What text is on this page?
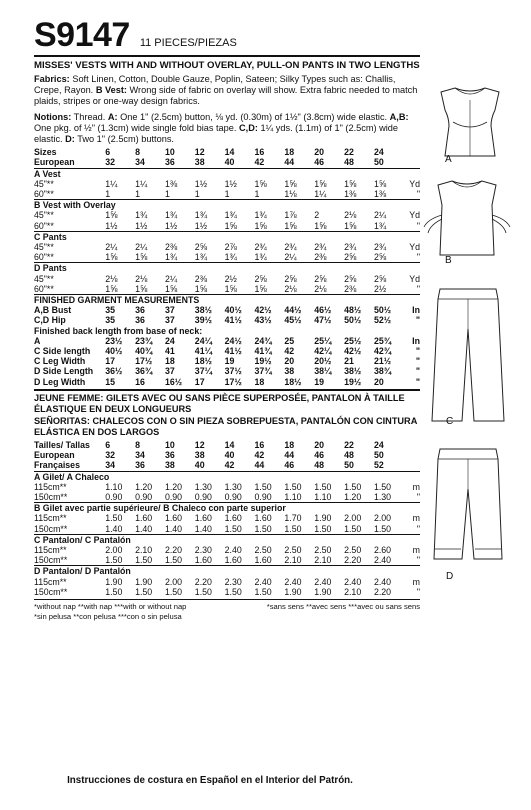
S9147 11 PIECES/PIEZAS
MISSES' VESTS WITH AND WITHOUT OVERLAY, PULL-ON PANTS IN TWO LENGTHS
Fabrics: Soft Linen, Cotton, Double Gauze, Poplin, Sateen; Silky Types such as: Challis, Crepe, Rayon. B Vest: Wrong side of fabric on overlay will show. Extra fabric needed to match plaids, stripes or one-way design fabrics.
Notions: Thread. A: One 1" (2.5cm) button, ⅛ yd. (0.30m) of 1½" (3.8cm) wide elastic. A,B: One pkg. of ½" (1.3cm) wide single fold bias tape. C,D: 1¼ yds. (1.1m) of 1" (2.5cm) wide elastic. D: Two 1" (2.5cm) buttons.
Sizes	6	8	10	12	14	16	18	20	22	24	
European	32	34	36	38	40	42	44	46	48	50	
A Vest											
45"**	1¼	1¼	1⅜	1½	1½	1⅝	1⅝	1⅝	1⅝	1⅝	Yd
60"**	1	1	1	1	1	1	1⅛	1¼	1⅜	1⅜	"
B Vest with Overlay											
45"**	1⅝	1¾	1¾	1¾	1¾	1¾	1⅞	2	2⅛	2¼	Yd
60"**	1½	1½	1½	1½	1⅝	1⅝	1⅝	1⅝	1⅝	1¾	"
C Pants											
45"**	2¼	2¼	2⅜	2⅝	2⅞	2¾	2¾	2¾	2¾	2¾	Yd
60"**	1⅝	1⅝	1¾	1¾	1¾	1¾	2¼	2⅜	2⅝	2⅝	"
D Pants											
45"**	2⅛	2⅛	2¼	2⅜	2½	2⅝	2⅝	2⅝	2⅝	2⅝	Yd
60"**	1⅝	1⅝	1⅝	1⅝	1⅝	1⅝	2⅛	2⅛	2⅜	2½	"
FINISHED GARMENT MEASUREMENTS											
A,B Bust	35	36	37	38½	40½	42½	44½	46½	48½	50½	In
C,D Hip	35	36	37	39½	41½	43½	45½	47½	50½	52½	"
Finished back length from base of neck:											
A	23½	23¾	24	24¼	24½	24¾	25	25¼	25½	25¾	In
C Side length	40½	40¾	41	41¼	41½	41¾	42	42¼	42½	42¾	"
C Leg Width	17	17½	18	18½	19	19½	20	20½	21	21½	"
D Side Length	36½	36¾	37	37¼	37½	37¾	38	38¼	38½	38¾	"
D Leg Width	15	16	16½	17	17½	18	18½	19	19½	20	"
JEUNE FEMME: GILETS AVEC OU SANS PIÈCE SUPERPOSÉE, PANTALON À TAILLE ÉLASTIQUE EN DEUX LONGUEURS
SEÑORITAS: CHALECOS CON O SIN PIEZA SOBREPUESTA, PANTALÓN CON CINTURA ELÁSTICA EN DOS LARGOS
Tailles/ Tallas	6	8	10	12	14	16	18	20	22	24	
European	32	34	36	38	40	42	44	46	48	50	
Françaises	34	36	38	40	42	44	46	48	50	52	
A Gilet/ A Chaleco											
115cm**	1.10	1.20	1.20	1.30	1.30	1.50	1.50	1.50	1.50	1.50	m
150cm**	0.90	0.90	0.90	0.90	0.90	0.90	1.10	1.10	1.20	1.30	"
B Gilet avec partie supérieure/ B Chaleco con parte superior											
115cm**	1.50	1.60	1.60	1.60	1.60	1.60	1.70	1.90	2.00	2.00	m
150cm**	1.40	1.40	1.40	1.40	1.50	1.50	1.50	1.50	1.50	1.50	"
C Pantalon/ C Pantalón											
115cm**	2.00	2.10	2.20	2.30	2.40	2.50	2.50	2.50	2.50	2.60	m
150cm**	1.50	1.50	1.50	1.60	1.60	1.60	2.10	2.10	2.20	2.40	"
D Pantalon/ D Pantalón											
115cm**	1.90	1.90	2.00	2.20	2.30	2.40	2.40	2.40	2.40	2.40	m
150cm**	1.50	1.50	1.50	1.50	1.50	1.50	1.90	1.90	2.10	2.20	"
*without nap **with nap ***with or without nap
*sin pelusa **con pelusa ***con o sin pelusa
*sans sens **avec sens ***avec ou sans sens
Instrucciones de costura en Español en el Interior del Patrón.
A
B
C
D
